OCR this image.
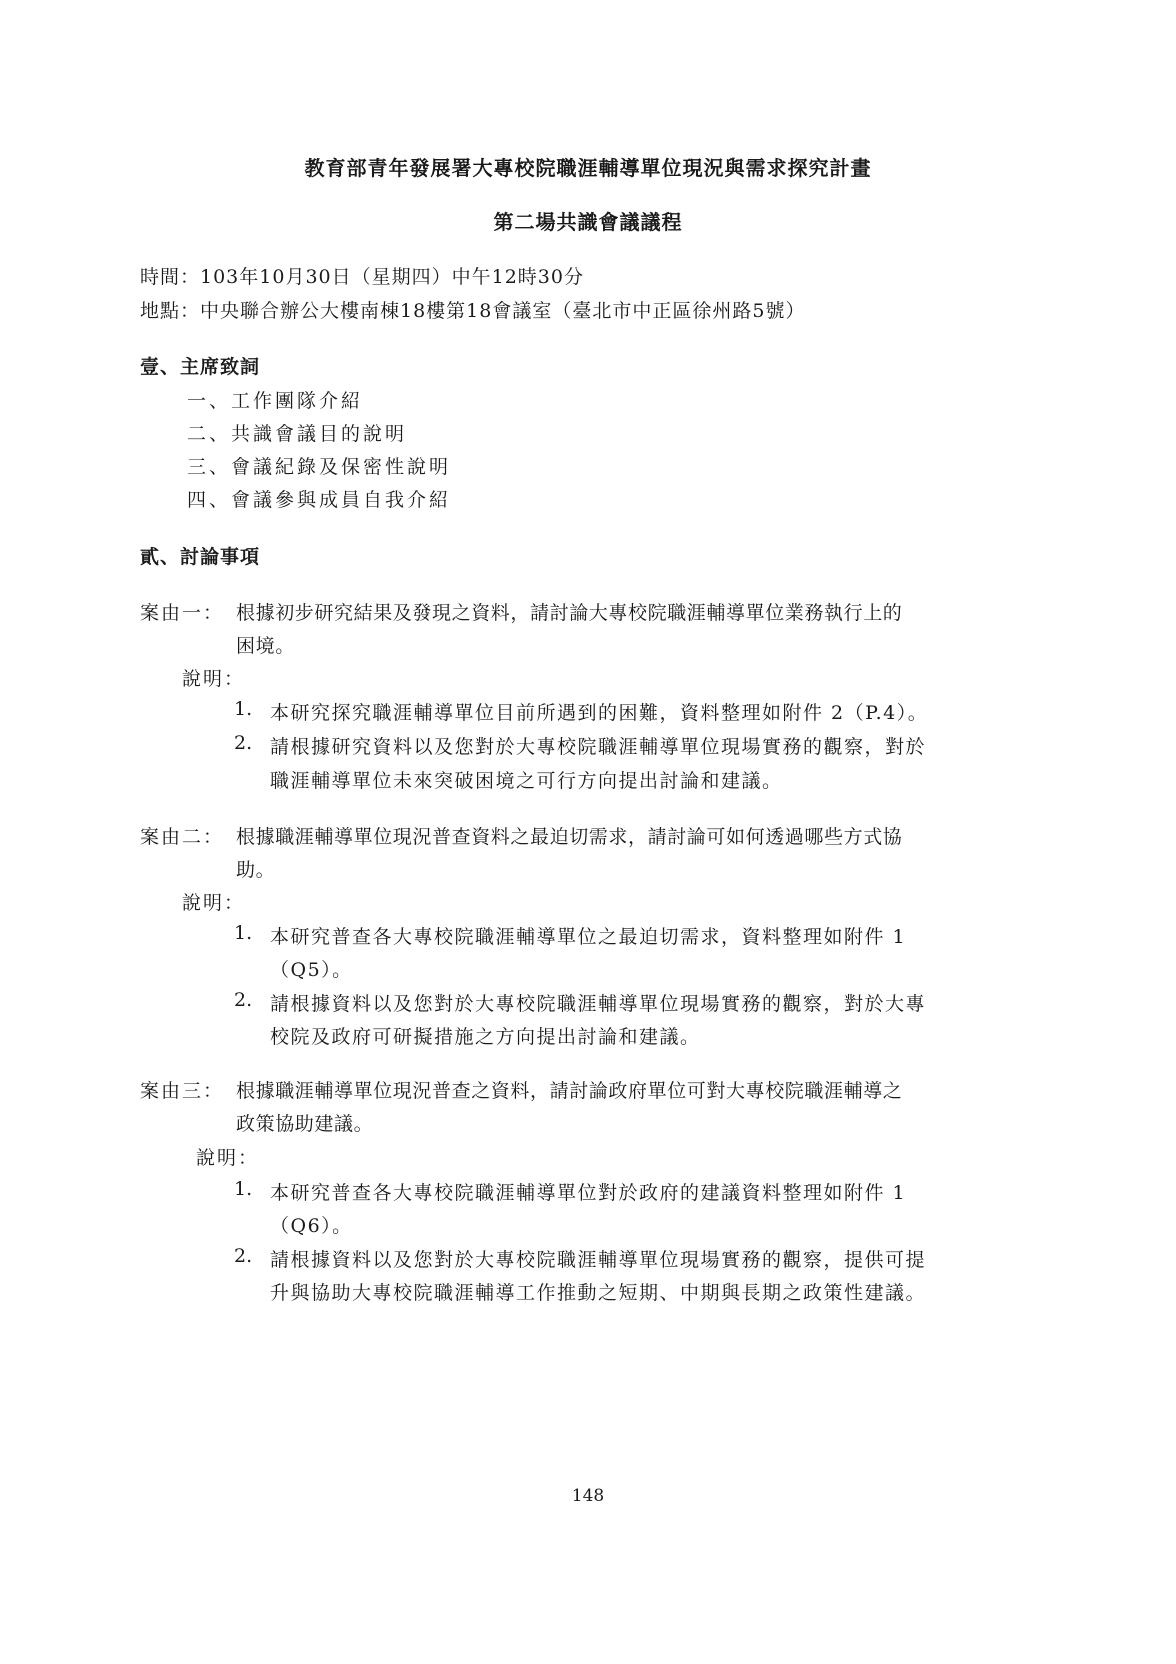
教育部青年發展署大專校院職涯輔導單位現況與需求探究計畫
第二場共識會議議程
時間：103年10月30日（星期四）中午12時30分
地點：中央聯合辦公大樓南棟18樓第18會議室（臺北市中正區徐州路5號）
壹、主席致詞
一、工作團隊介紹
二、共識會議目的說明
三、會議紀錄及保密性說明
四、會議參與成員自我介紹
貳、討論事項
案由一： 根據初步研究結果及發現之資料，請討論大專校院職涯輔導單位業務執行上的
困境。
說明：
1. 本研究探究職涯輔導單位目前所遇到的困難，資料整理如附件 2（P.4）。
2. 請根據研究資料以及您對於大專校院職涯輔導單位現場實務的觀察，對於
職涯輔導單位未來突破困境之可行方向提出討論和建議。
案由二： 根據職涯輔導單位現況普查資料之最迫切需求，請討論可如何透過哪些方式協
助。
說明：
1. 本研究普查各大專校院職涯輔導單位之最迫切需求，資料整理如附件 1
（Q5）。
2. 請根據資料以及您對於大專校院職涯輔導單位現場實務的觀察，對於大專
校院及政府可研擬措施之方向提出討論和建議。
案由三： 根據職涯輔導單位現況普查之資料，請討論政府單位可對大專校院職涯輔導之
政策協助建議。
說明：
1. 本研究普查各大專校院職涯輔導單位對於政府的建議資料整理如附件 1
（Q6）。
2. 請根據資料以及您對於大專校院職涯輔導單位現場實務的觀察，提供可提
升與協助大專校院職涯輔導工作推動之短期、中期與長期之政策性建議。
148
